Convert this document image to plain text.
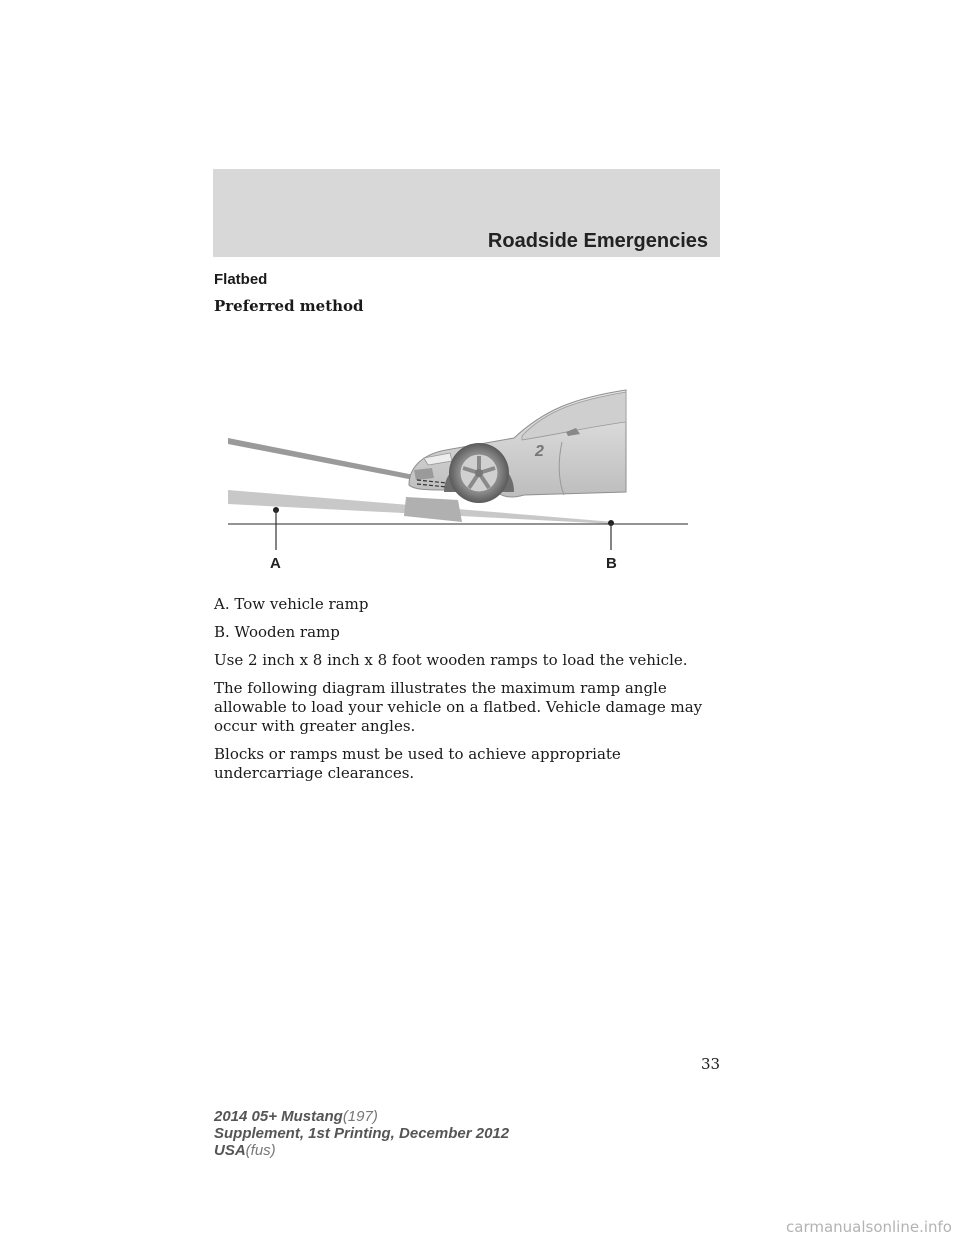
Roadside Emergencies
Flatbed
Preferred method
2
A	B

A. Tow vehicle ramp

B. Wooden ramp

Use 2 inch x 8 inch x 8 foot wooden ramps to load the vehicle.

The following diagram illustrates the maximum ramp angle allowable to load your vehicle on a flatbed. Vehicle damage may occur with greater angles.

Blocks or ramps must be used to achieve appropriate undercarriage clearances.

33
2014 05+ Mustang(197)
Supplement, 1st Printing, December 2012
USA(fus)
carmanualsonline.info
